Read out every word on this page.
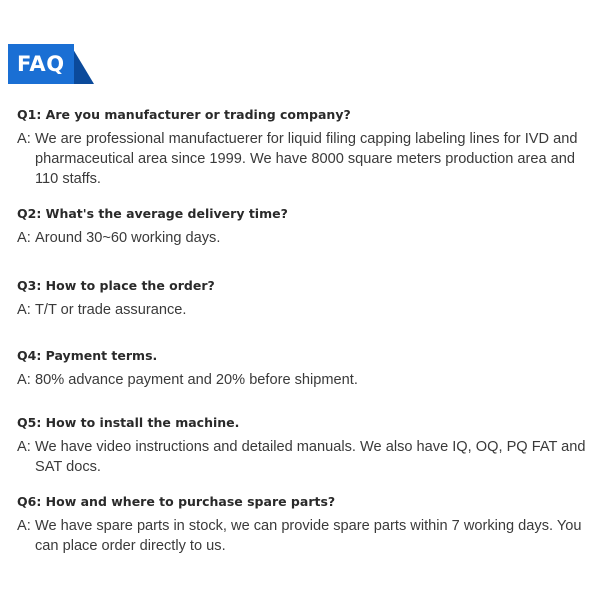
FAQ
Q1: Are you manufacturer or trading company?
A: We are professional manufactuerer for liquid filing capping labeling lines for IVD and pharmaceutical area since 1999. We have 8000 square meters production area and 110 staffs.
Q2: What's the average delivery time?
A: Around 30~60 working days.
Q3: How to place the order?
A: T/T or trade assurance.
Q4: Payment terms.
A: 80% advance payment and 20% before shipment.
Q5: How to install the machine.
A: We have video instructions and detailed manuals. We also have IQ, OQ, PQ FAT and SAT docs.
Q6: How and where to purchase spare parts?
A: We have spare parts in stock, we can provide spare parts within 7 working days. You can place order directly to us.
